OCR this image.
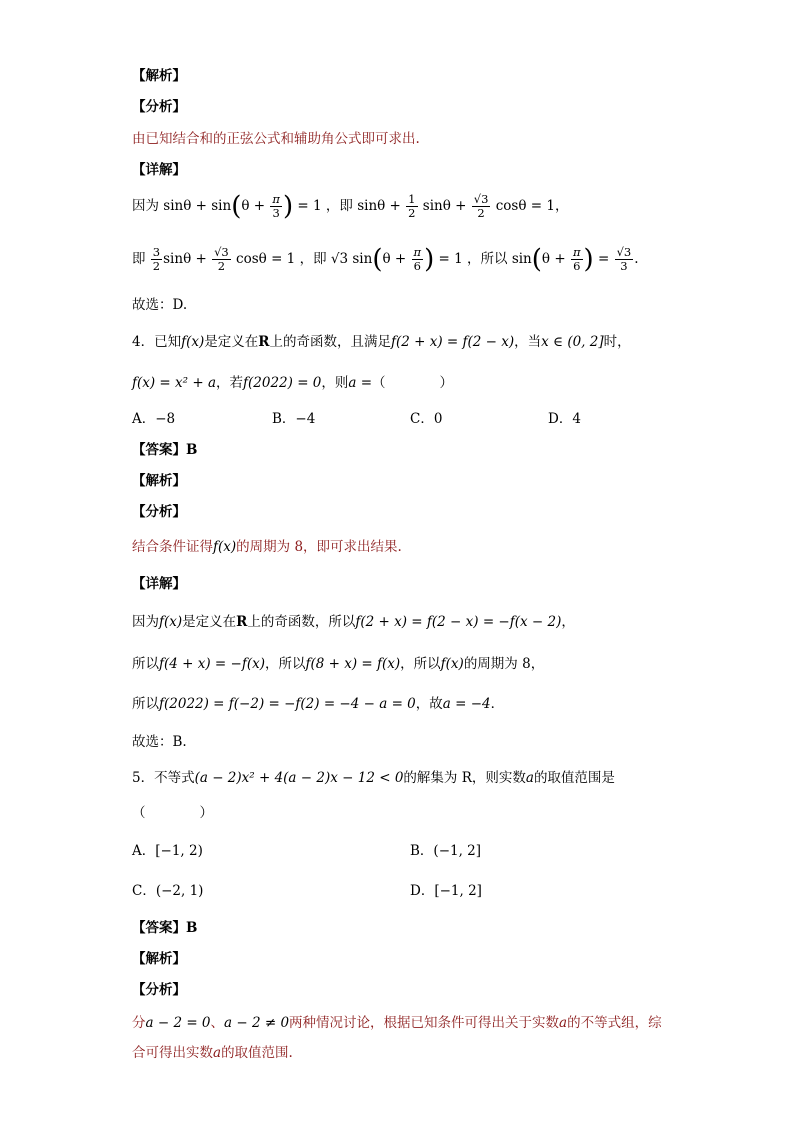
【解析】
【分析】
由已知结合和的正弦公式和辅助角公式即可求出.
【详解】
因为 $\sin\theta + \sin(\theta + \frac{\pi}{3}$ ) = 1 ，即 $\sin\theta + \frac{1}{2}$ $\sin\theta + \frac{√3}{2}$ cosθ = 1，
即 $\frac{3}{2}$ $\sin\theta + \frac{√3}{2}$ cosθ = 1 ，即 √3 $\sin(\theta + \frac{\pi}{6}$ ) = 1 ，所以 $\sin(\theta + \frac{\pi}{6}$ ) = $\frac{√3}{3}$ .
故选：D.
4．已知f(x)是定义在R上的奇函数，且满足f(2 + x) = f(2 − x)，当x ∈ (0, 2]时，
f(x) = x² + a，若f(2022) = 0，则a =（　　　　）
A．−8	B．−4	C．0	D．4
【答案】B
【解析】
【分析】
结合条件证得f(x)的周期为 8，即可求出结果.
【详解】
因为f(x)是定义在R上的奇函数，所以f(2 + x) = f(2 − x) = −f(x − 2)，
所以f(4 + x) = −f(x)，所以f(8 + x) = f(x)，所以f(x)的周期为 8，
所以f(2022) = f(−2) = −f(2) = −4 − a = 0，故a = −4．
故选：B.
5．不等式(a − 2)x² + 4(a − 2)x − 12 < 0的解集为 R，则实数a的取值范围是
（　　　　）
A．[−1, 2)	B．(−1, 2]
C．(−2, 1)	D．[−1, 2]
【答案】B
【解析】
【分析】
分a − 2 = 0、a − 2 ≠ 0两种情况讨论，根据已知条件可得出关于实数a的不等式组，综
合可得出实数a的取值范围.
